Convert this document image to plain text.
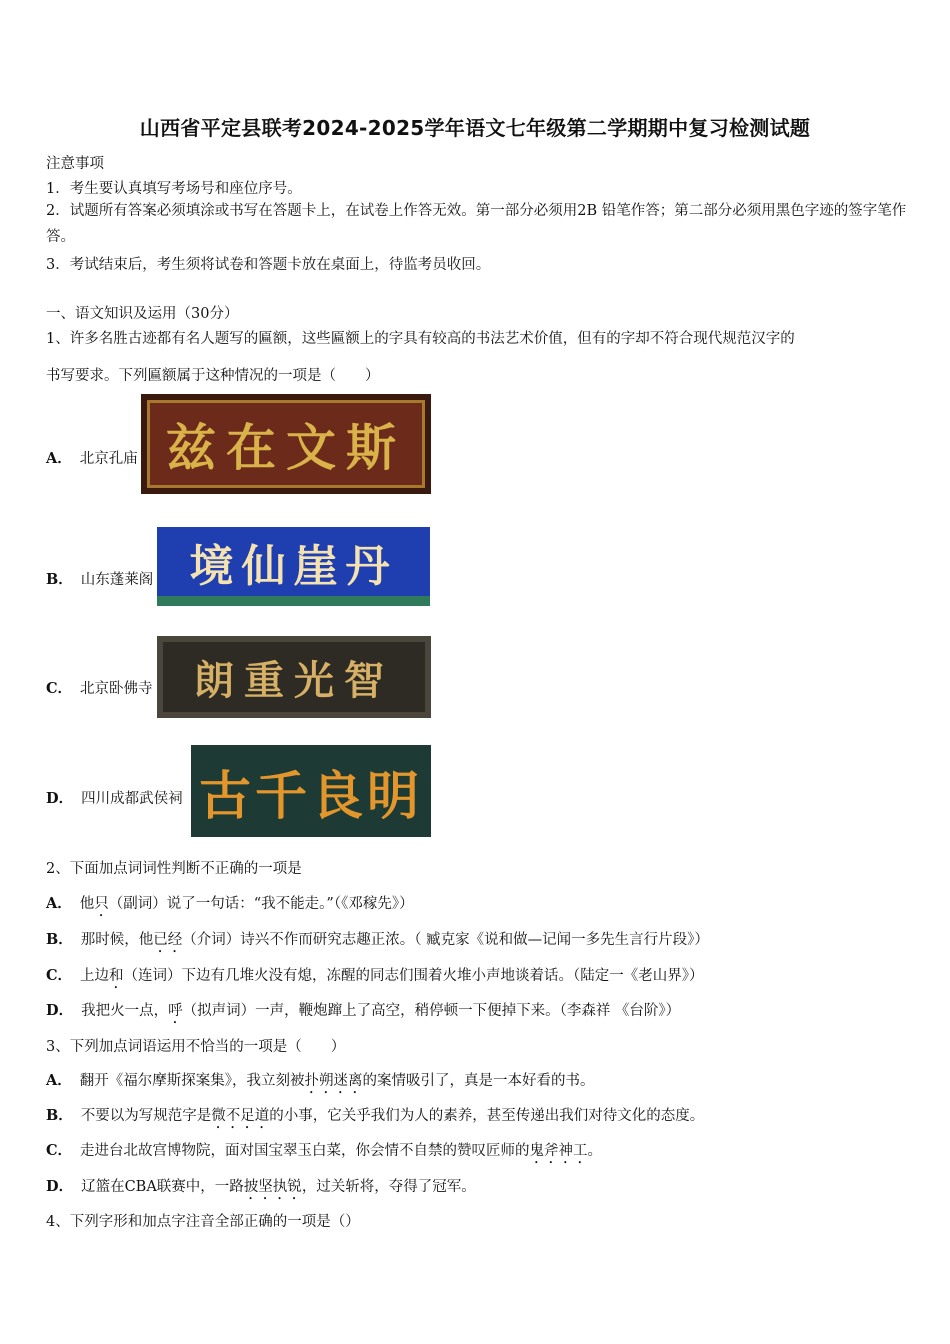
山西省平定县联考2024-2025学年语文七年级第二学期期中复习检测试题
注意事项
1．考生要认真填写考场号和座位序号。
2．试题所有答案必须填涂或书写在答题卡上，在试卷上作答无效。第一部分必须用2B 铅笔作答；第二部分必须用黑色字迹的签字笔作答。
3．考试结束后，考生须将试卷和答题卡放在桌面上，待监考员收回。
一、语文知识及运用（30分）
1、许多名胜古迹都有名人题写的匾额，这些匾额上的字具有较高的书法艺术价值，但有的字却不符合现代规范汉字的
书写要求。下列匾额属于这种情况的一项是（　　）
A． 北京孔庙 兹在文斯
B． 山东蓬莱阁 境仙崖丹
C． 北京卧佛寺 朗重光智
D． 四川成都武侯祠 古千良明
2、下面加点词词性判断不正确的一项是
A． 他只（副词）说了一句话：“我不能走。”（《邓稼先》）
B． 那时候，他已经（介词）诗兴不作而研究志趣正浓。（ 臧克家《说和做—记闻一多先生言行片段》）
C． 上边和（连词）下边有几堆火没有熄，冻醒的同志们围着火堆小声地谈着话。（陆定一《老山界》）
D． 我把火一点，呼（拟声词）一声，鞭炮蹿上了高空，稍停顿一下便掉下来。（李森祥 《台阶》）
3、下列加点词语运用不恰当的一项是（　　）
A． 翻开《福尔摩斯探案集》，我立刻被扑朔迷离的案情吸引了，真是一本好看的书。
B． 不要以为写规范字是微不足道的小事，它关乎我们为人的素养，甚至传递出我们对待文化的态度。
C． 走进台北故宫博物院，面对国宝翠玉白菜，你会情不自禁的赞叹匠师的鬼斧神工。
D． 辽篮在CBA联赛中，一路披坚执锐，过关斩将，夺得了冠军。
4、下列字形和加点字注音全部正确的一项是（）
